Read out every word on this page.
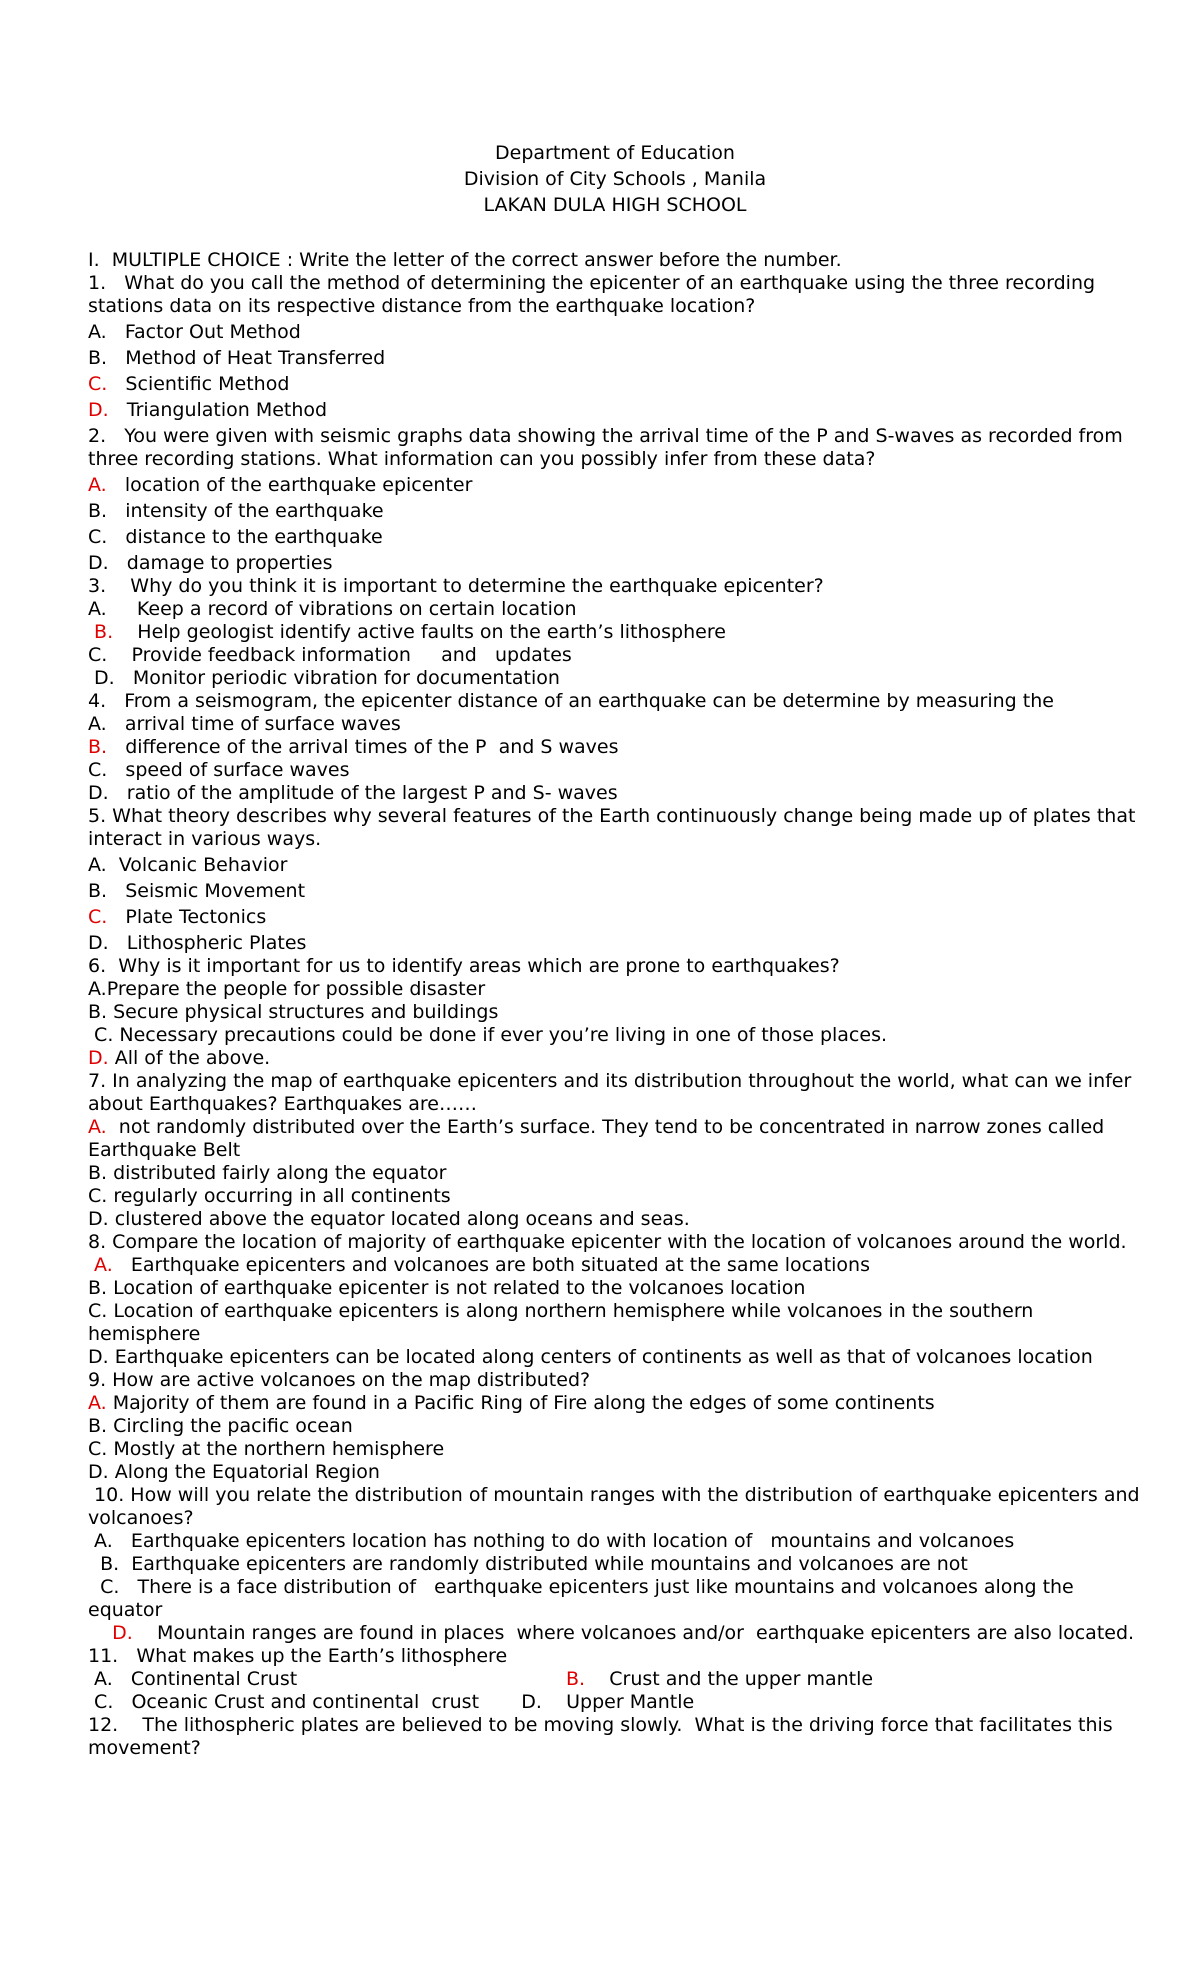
Department of Education
Division of City Schools , Manila
LAKAN DULA HIGH SCHOOL

I.  MULTIPLE CHOICE : Write the letter of the correct answer before the number.

1.   What do you call the method of determining the epicenter of an earthquake using the three recording stations data on its respective distance from the earthquake location?

A.   Factor Out Method

B.   Method of Heat Transferred

C.   Scientific Method

D.   Triangulation Method

2.   You were given with seismic graphs data showing the arrival time of the P and S-waves as recorded from three recording stations. What information can you possibly infer from these data?

A.   location of the earthquake epicenter

B.   intensity of the earthquake

C.   distance to the earthquake

D.   damage to properties

3.    Why do you think it is important to determine the earthquake epicenter?

A.     Keep a record of vibrations on certain location

B.    Help geologist identify active faults on the earth’s lithosphere

C.    Provide feedback information     and   updates

D.   Monitor periodic vibration for documentation

4.   From a seismogram, the epicenter distance of an earthquake can be determine by measuring the

A.   arrival time of surface waves

B.   difference of the arrival times of the P  and S waves

C.   speed of surface waves

D.   ratio of the amplitude of the largest P and S- waves

5. What theory describes why several features of the Earth continuously change being made up of plates that interact in various ways.

A.  Volcanic Behavior

B.   Seismic Movement

C.   Plate Tectonics

D.   Lithospheric Plates

6.  Why is it important for us to identify areas which are prone to earthquakes?

A.Prepare the people for possible disaster

B. Secure physical structures and buildings

C. Necessary precautions could be done if ever you’re living in one of those places.

D. All of the above.

7. In analyzing the map of earthquake epicenters and its distribution throughout the world, what can we infer about Earthquakes? Earthquakes are……

A.  not randomly distributed over the Earth’s surface. They tend to be concentrated in narrow zones called Earthquake Belt

B. distributed fairly along the equator

C. regularly occurring in all continents

D. clustered above the equator located along oceans and seas.

8. Compare the location of majority of earthquake epicenter with the location of volcanoes around the world.

A.   Earthquake epicenters and volcanoes are both situated at the same locations

B. Location of earthquake epicenter is not related to the volcanoes location

C. Location of earthquake epicenters is along northern hemisphere while volcanoes in the southern hemisphere

D. Earthquake epicenters can be located along centers of continents as well as that of volcanoes location

9. How are active volcanoes on the map distributed?

A. Majority of them are found in a Pacific Ring of Fire along the edges of some continents

B. Circling the pacific ocean

C. Mostly at the northern hemisphere

D. Along the Equatorial Region

10. How will you relate the distribution of mountain ranges with the distribution of earthquake epicenters and volcanoes?

A.   Earthquake epicenters location has nothing to do with location of   mountains and volcanoes

B.  Earthquake epicenters are randomly distributed while mountains and volcanoes are not

C.   There is a face distribution of   earthquake epicenters just like mountains and volcanoes along the equator

D.    Mountain ranges are found in places  where volcanoes and/or  earthquake epicenters are also located.

11.   What makes up the Earth’s lithosphere

A.   Continental Crust	B.    Crust and the upper mantle

C.   Oceanic Crust and continental  crust       D.    Upper Mantle

12.    The lithospheric plates are believed to be moving slowly.  What is the driving force that facilitates this movement?
